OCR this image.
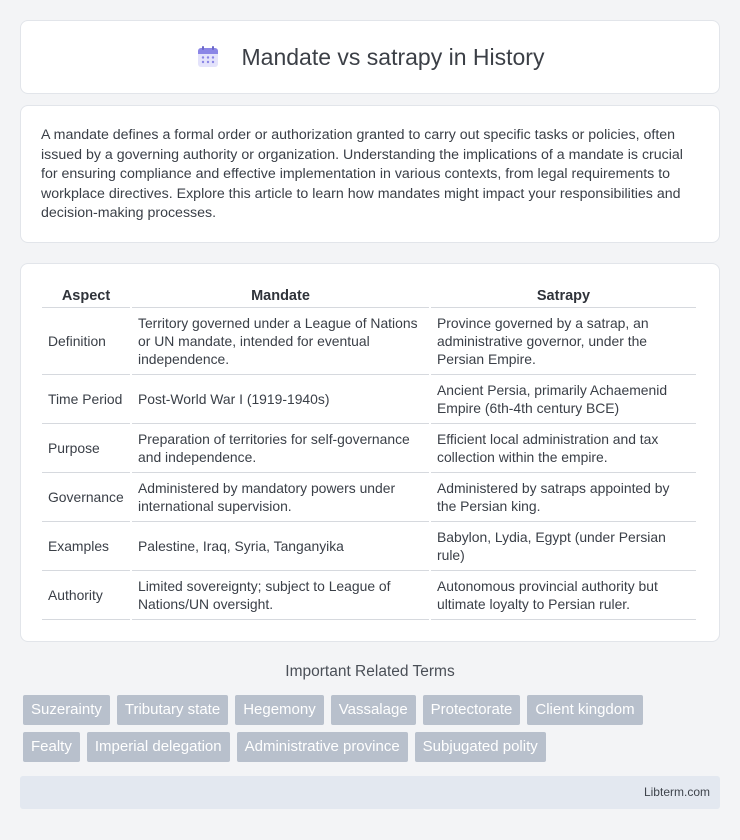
Mandate vs satrapy in History

A mandate defines a formal order or authorization granted to carry out specific tasks or policies, often issued by a governing authority or organization. Understanding the implications of a mandate is crucial for ensuring compliance and effective implementation in various contexts, from legal requirements to workplace directives. Explore this article to learn how mandates might impact your responsibilities and decision-making processes.

Aspect	Mandate	Satrapy
Definition	Territory governed under a League of Nations or UN mandate, intended for eventual independence.	Province governed by a satrap, an administrative governor, under the Persian Empire.
Time Period	Post-World War I (1919-1940s)	Ancient Persia, primarily Achaemenid Empire (6th-4th century BCE)
Purpose	Preparation of territories for self-governance and independence.	Efficient local administration and tax collection within the empire.
Governance	Administered by mandatory powers under international supervision.	Administered by satraps appointed by the Persian king.
Examples	Palestine, Iraq, Syria, Tanganyika	Babylon, Lydia, Egypt (under Persian rule)
Authority	Limited sovereignty; subject to League of Nations/UN oversight.	Autonomous provincial authority but ultimate loyalty to Persian ruler.
Important Related Terms
Suzerainty	Tributary state	Hegemony	Vassalage	Protectorate	Client kingdom
Fealty	Imperial delegation	Administrative province	Subjugated polity
Libterm.com
